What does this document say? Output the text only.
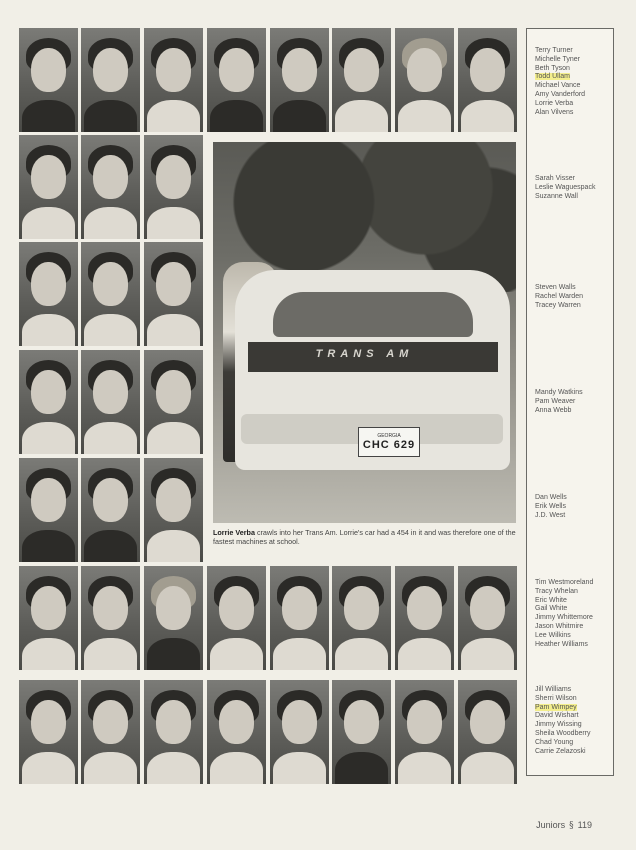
TRANS AM
GEORGIA
CHC 629
Lorrie Verba crawls into her Trans Am. Lorrie's car had a 454 in it and was therefore one of the fastest machines at school.
Terry Turner
Michelle Tyner
Beth Tyson
Todd Ullam
Michael Vance
Amy Vanderford
Lorrie Verba
Alan Vilvens
Sarah Visser
Leslie Waguespack
Suzanne Wall
Steven Walls
Rachel Warden
Tracey Warren
Mandy Watkins
Pam Weaver
Anna Webb
Dan Wells
Erik Wells
J.D. West
Tim Westmoreland
Tracy Whelan
Eric White
Gail White
Jimmy Whittemore
Jason Whitmire
Lee Wilkins
Heather Williams
Jill Williams
Sherri Wilson
Pam Wimpey
David Wishart
Jimmy Wissing
Sheila Woodberry
Chad Young
Carrie Zelazoski
Juniors § 119
